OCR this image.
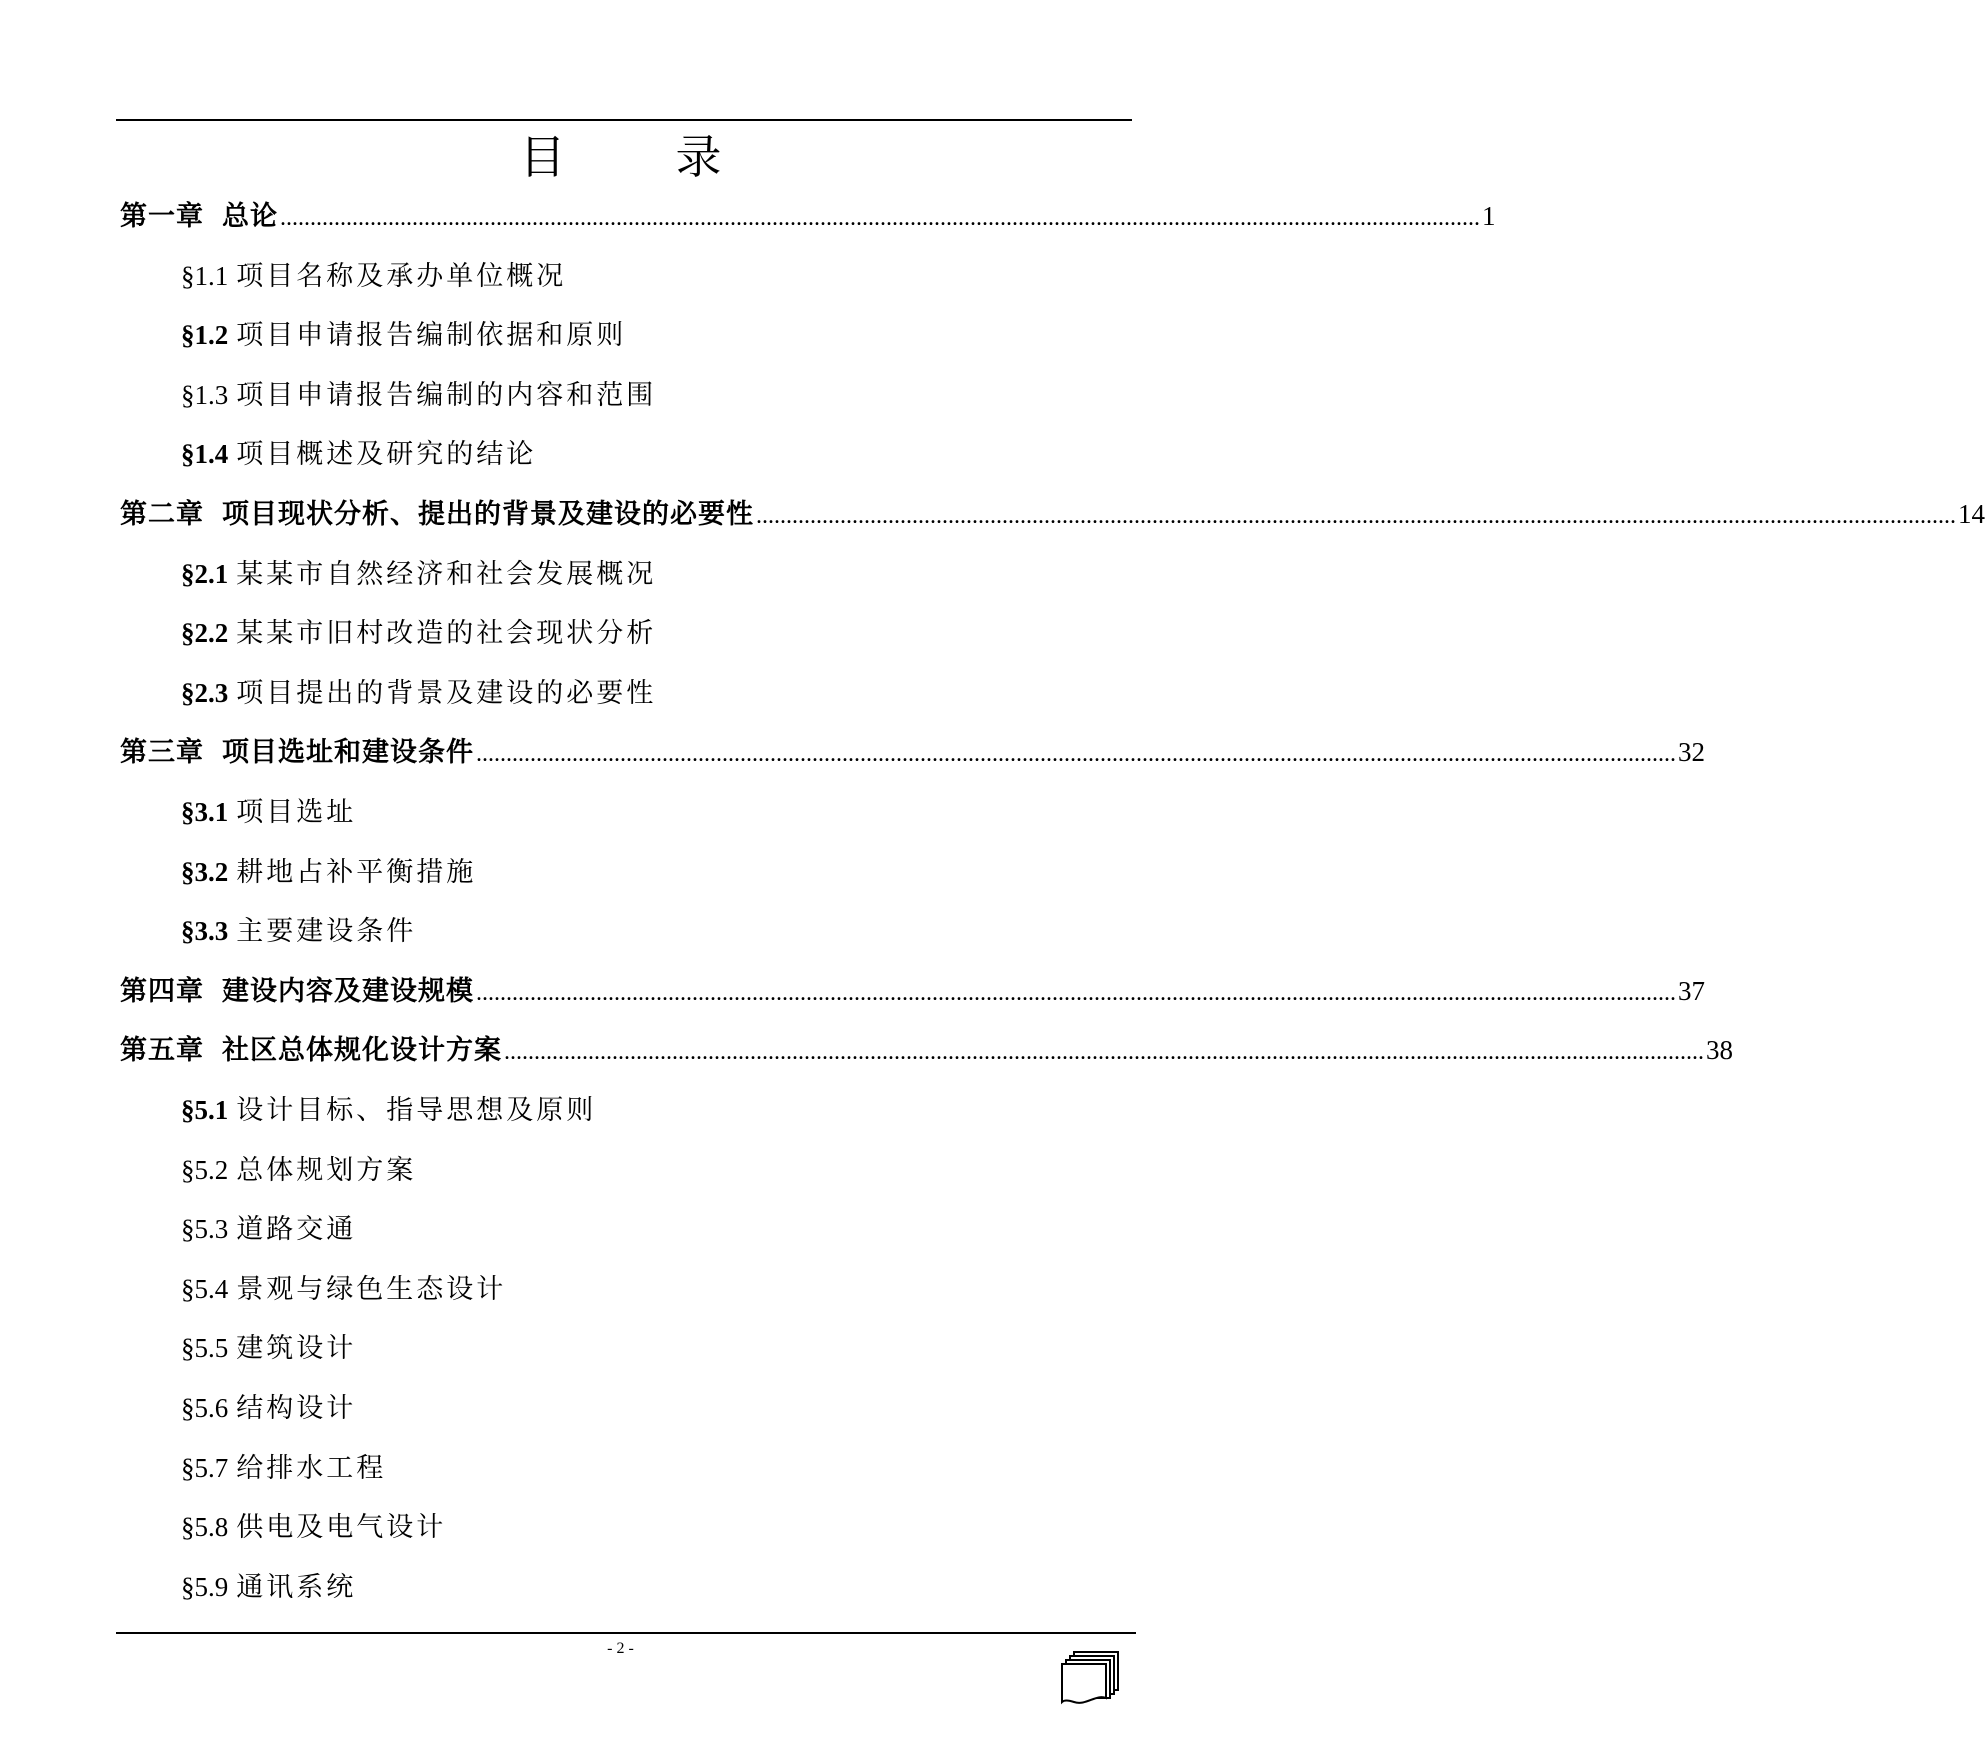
目 录
第一章 总论 ........................................................................................................................................................................................................ 1
§1.1 项目名称及承办单位概况
§1.2 项目申请报告编制依据和原则
§1.3 项目申请报告编制的内容和范围
§1.4 项目概述及研究的结论
第二章 项目现状分析、提出的背景及建设的必要性 ........................................................................................................................................................................................................ 14
§2.1 某某市自然经济和社会发展概况
§2.2 某某市旧村改造的社会现状分析
§2.3 项目提出的背景及建设的必要性
第三章 项目选址和建设条件 ........................................................................................................................................................................................................ 32
§3.1 项目选址
§3.2 耕地占补平衡措施
§3.3 主要建设条件
第四章 建设内容及建设规模 ........................................................................................................................................................................................................ 37
第五章 社区总体规化设计方案 ........................................................................................................................................................................................................ 38
§5.1 设计目标、指导思想及原则
§5.2 总体规划方案
§5.3 道路交通
§5.4 景观与绿色生态设计
§5.5 建筑设计
§5.6 结构设计
§5.7 给排水工程
§5.8 供电及电气设计
§5.9 通讯系统
- 2 -
